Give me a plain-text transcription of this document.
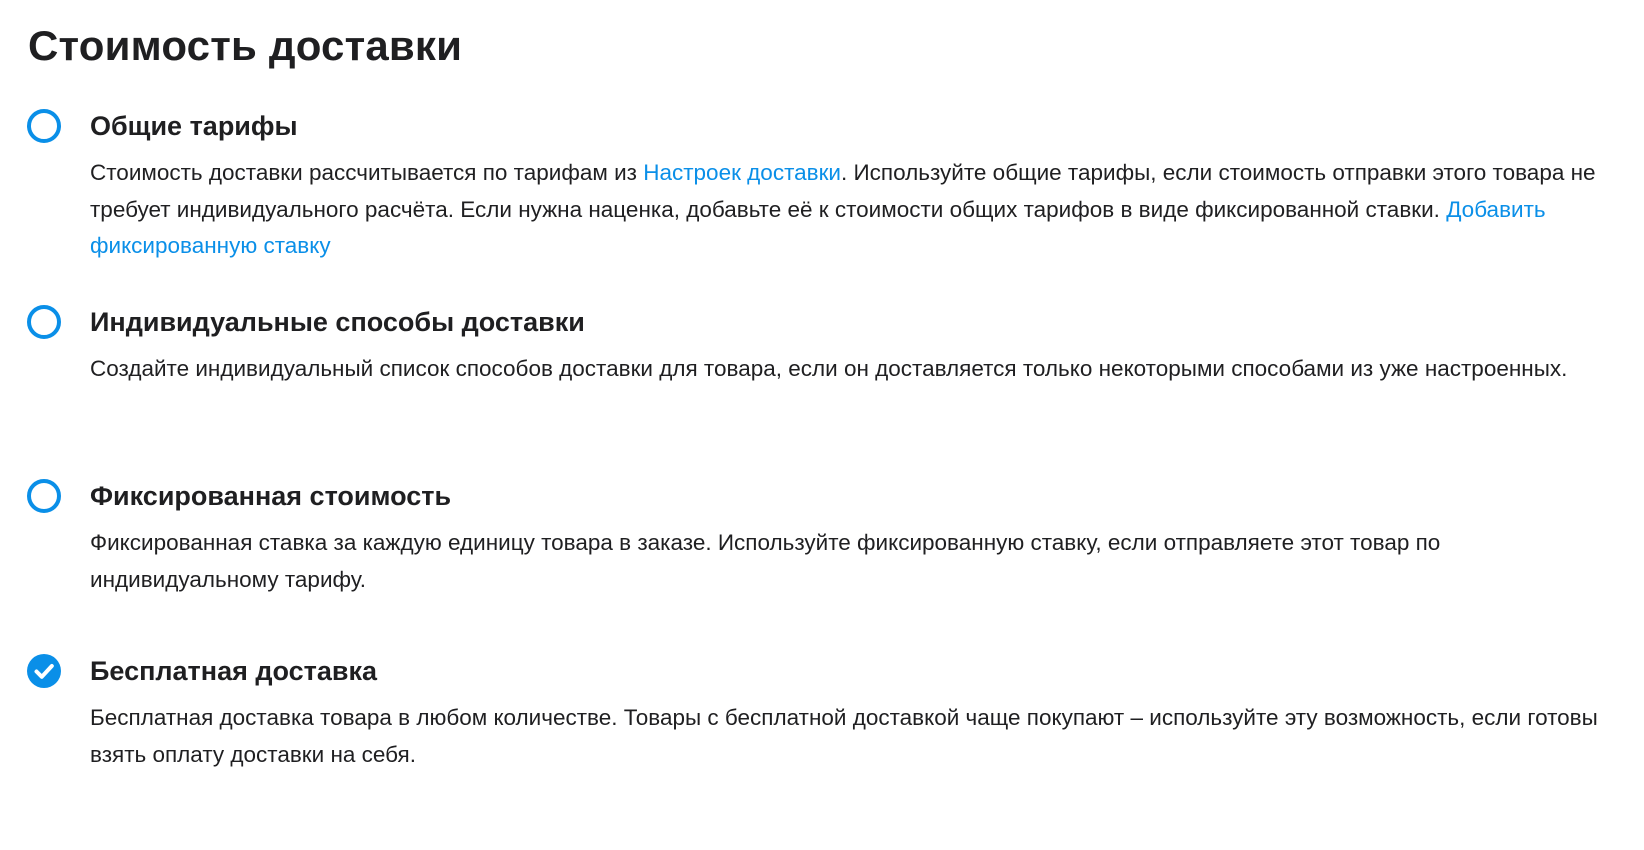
Стоимость доставки
Общие тарифы

Стоимость доставки рассчитывается по тарифам из Настроек доставки. Используйте общие тарифы, если стоимость отправки этого товара не требует индивидуального расчёта. Если нужна наценка, добавьте её к стоимости общих тарифов в виде фиксированной ставки. Добавить фиксированную ставку

Индивидуальные способы доставки

Создайте индивидуальный список способов доставки для товара, если он доставляется только некоторыми способами из уже настроенных.

Фиксированная стоимость

Фиксированная ставка за каждую единицу товара в заказе. Используйте фиксированную ставку, если отправляете этот товар по индивидуальному тарифу.

Бесплатная доставка

Бесплатная доставка товара в любом количестве. Товары с бесплатной доставкой чаще покупают – используйте эту возможность, если готовы взять оплату доставки на себя.
